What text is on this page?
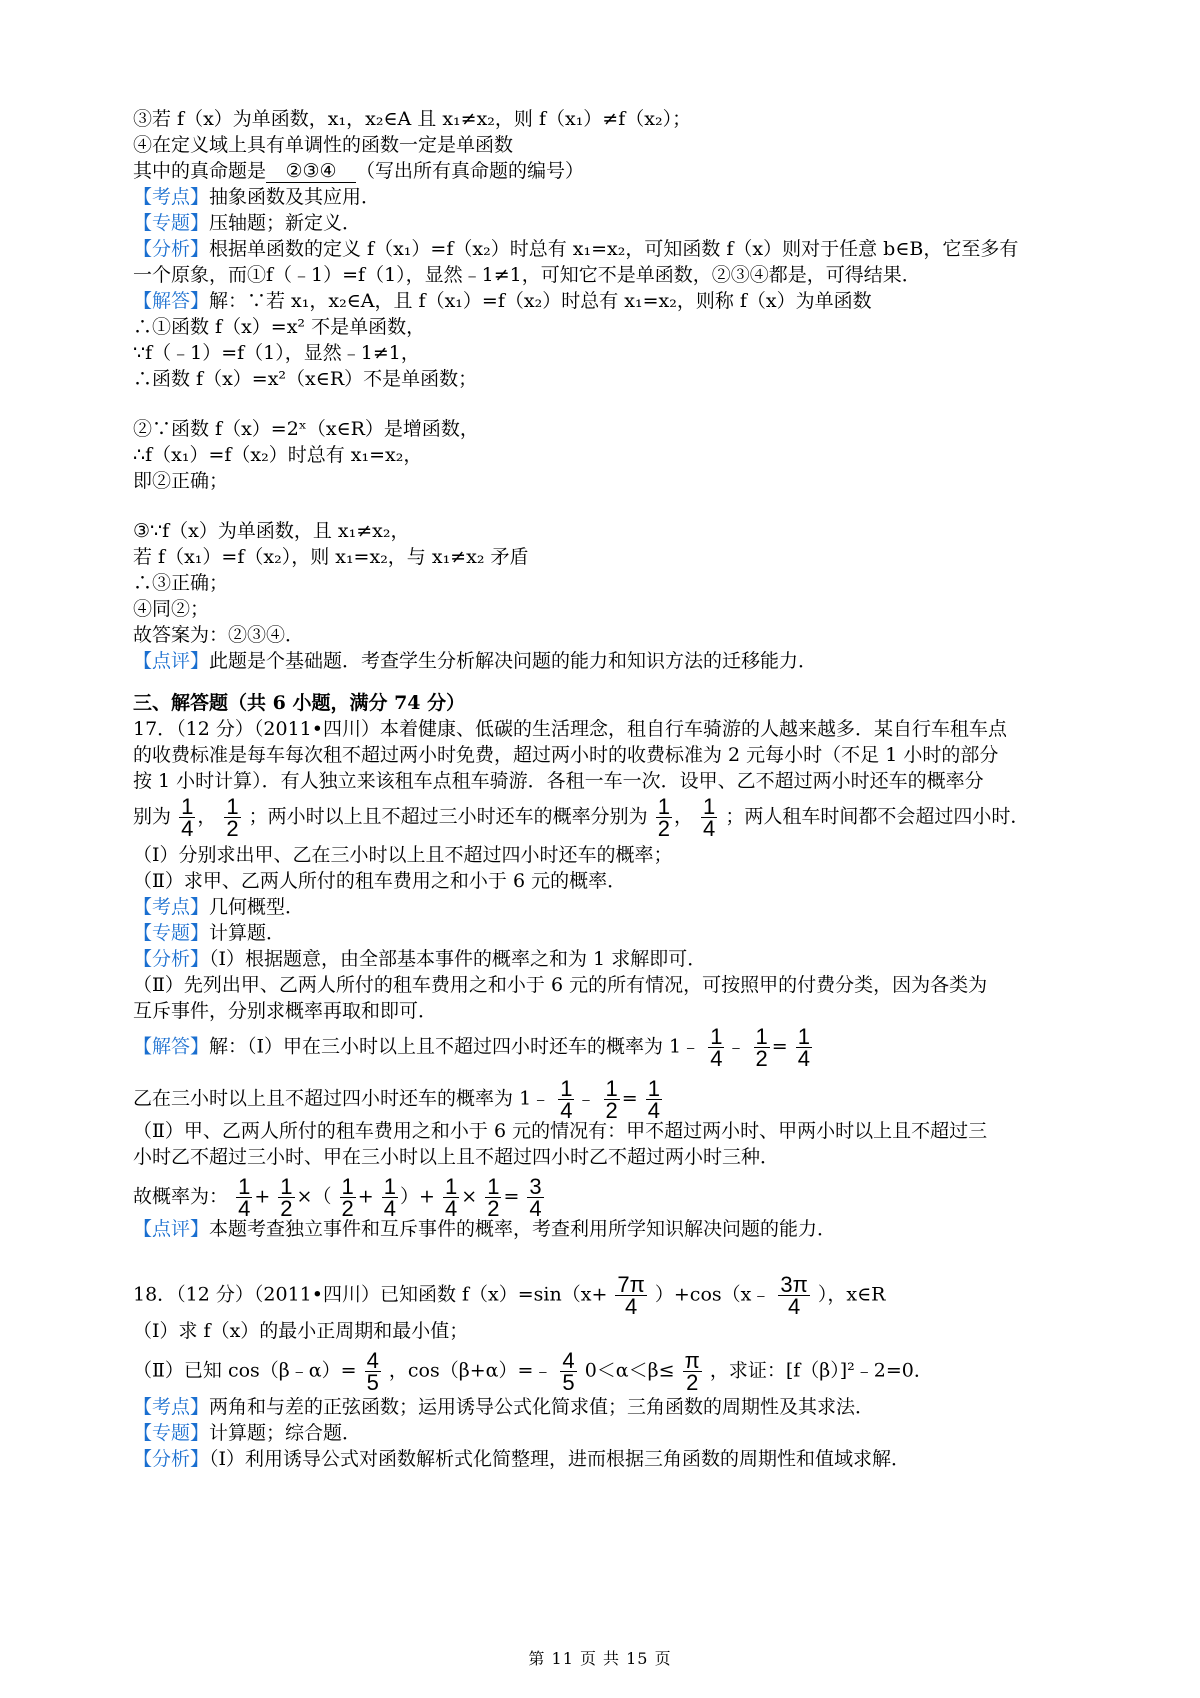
③若 f（x）为单函数，x₁，x₂∈A 且 x₁≠x₂，则 f（x₁）≠f（x₂）；
④在定义域上具有单调性的函数一定是单函数
其中的真命题是 ②③④ （写出所有真命题的编号）
【考点】抽象函数及其应用．
【专题】压轴题；新定义．
【分析】根据单函数的定义 f（x₁）=f（x₂）时总有 x₁=x₂，可知函数 f（x）则对于任意 b∈B，它至多有
一个原象，而①f（﹣1）=f（1），显然﹣1≠1，可知它不是单函数，②③④都是，可得结果．
【解答】解：∵若 x₁，x₂∈A，且 f（x₁）=f（x₂）时总有 x₁=x₂，则称 f（x）为单函数
∴①函数 f（x）=x² 不是单函数，
∵f（﹣1）=f（1），显然﹣1≠1，
∴函数 f（x）=x²（x∈R）不是单函数；
②∵函数 f（x）=2ˣ（x∈R）是增函数，
∴f（x₁）=f（x₂）时总有 x₁=x₂，
即②正确；
③∵f（x）为单函数，且 x₁≠x₂，
若 f（x₁）=f（x₂），则 x₁=x₂，与 x₁≠x₂ 矛盾
∴③正确；
④同②；
故答案为：②③④．
【点评】此题是个基础题．考查学生分析解决问题的能力和知识方法的迁移能力．
三、解答题（共 6 小题，满分 74 分）
17．（12 分）（2011•四川）本着健康、低碳的生活理念，租自行车骑游的人越来越多．某自行车租车点
的收费标准是每车每次租不超过两小时免费，超过两小时的收费标准为 2 元每小时（不足 1 小时的部分
按 1 小时计算）．有人独立来该租车点租车骑游．各租一车一次．设甲、乙不超过两小时还车的概率分
别为 $\frac{1}{4}$ ， $\frac{1}{2}$ ；两小时以上且不超过三小时还车的概率分别为 $\frac{1}{2}$ ， $\frac{1}{4}$ ；两人租车时间都不会超过四小时．
（Ⅰ）分别求出甲、乙在三小时以上且不超过四小时还车的概率；
（Ⅱ）求甲、乙两人所付的租车费用之和小于 6 元的概率．
【考点】几何概型．
【专题】计算题．
【分析】（Ⅰ）根据题意，由全部基本事件的概率之和为 1 求解即可．
（Ⅱ）先列出甲、乙两人所付的租车费用之和小于 6 元的所有情况，可按照甲的付费分类，因为各类为
互斥事件，分别求概率再取和即可．
【解答】解：（Ⅰ）甲在三小时以上且不超过四小时还车的概率为 1﹣ $\frac{1}{4}$ ﹣ $\frac{1}{2} = \frac{1}{4}$
乙在三小时以上且不超过四小时还车的概率为 1﹣ $\frac{1}{4}$ ﹣ $\frac{1}{2} = \frac{1}{4}$
（Ⅱ）甲、乙两人所付的租车费用之和小于 6 元的情况有：甲不超过两小时、甲两小时以上且不超过三
小时乙不超过三小时、甲在三小时以上且不超过四小时乙不超过两小时三种．
故概率为： $\frac{1}{4} + \frac{1}{2}$ ×（ $\frac{1}{2} + \frac{1}{4}$ ）+ $\frac{1}{4} \times \frac{1}{2} = \frac{3}{4}$
【点评】本题考查独立事件和互斥事件的概率，考查利用所学知识解决问题的能力．
18．（12 分）（2011•四川）已知函数 $f(x)=\sin(x+ \frac{7\pi}{4}$ ）+cos（x﹣ $\frac{3\pi}{4}$ ），x∈R
（Ⅰ）求 f（x）的最小正周期和最小值；
（Ⅱ）已知 cos（β﹣α）= $\frac{4}{5}$ ，cos（β+α）=﹣ $\frac{4}{5} 0<\alpha<\beta\le \frac{\pi}{2}$ ，求证：[f（β）]²﹣2=0．
【考点】两角和与差的正弦函数；运用诱导公式化简求值；三角函数的周期性及其求法．
【专题】计算题；综合题．
【分析】（Ⅰ）利用诱导公式对函数解析式化简整理，进而根据三角函数的周期性和值域求解．
第 11 页 共 15 页
